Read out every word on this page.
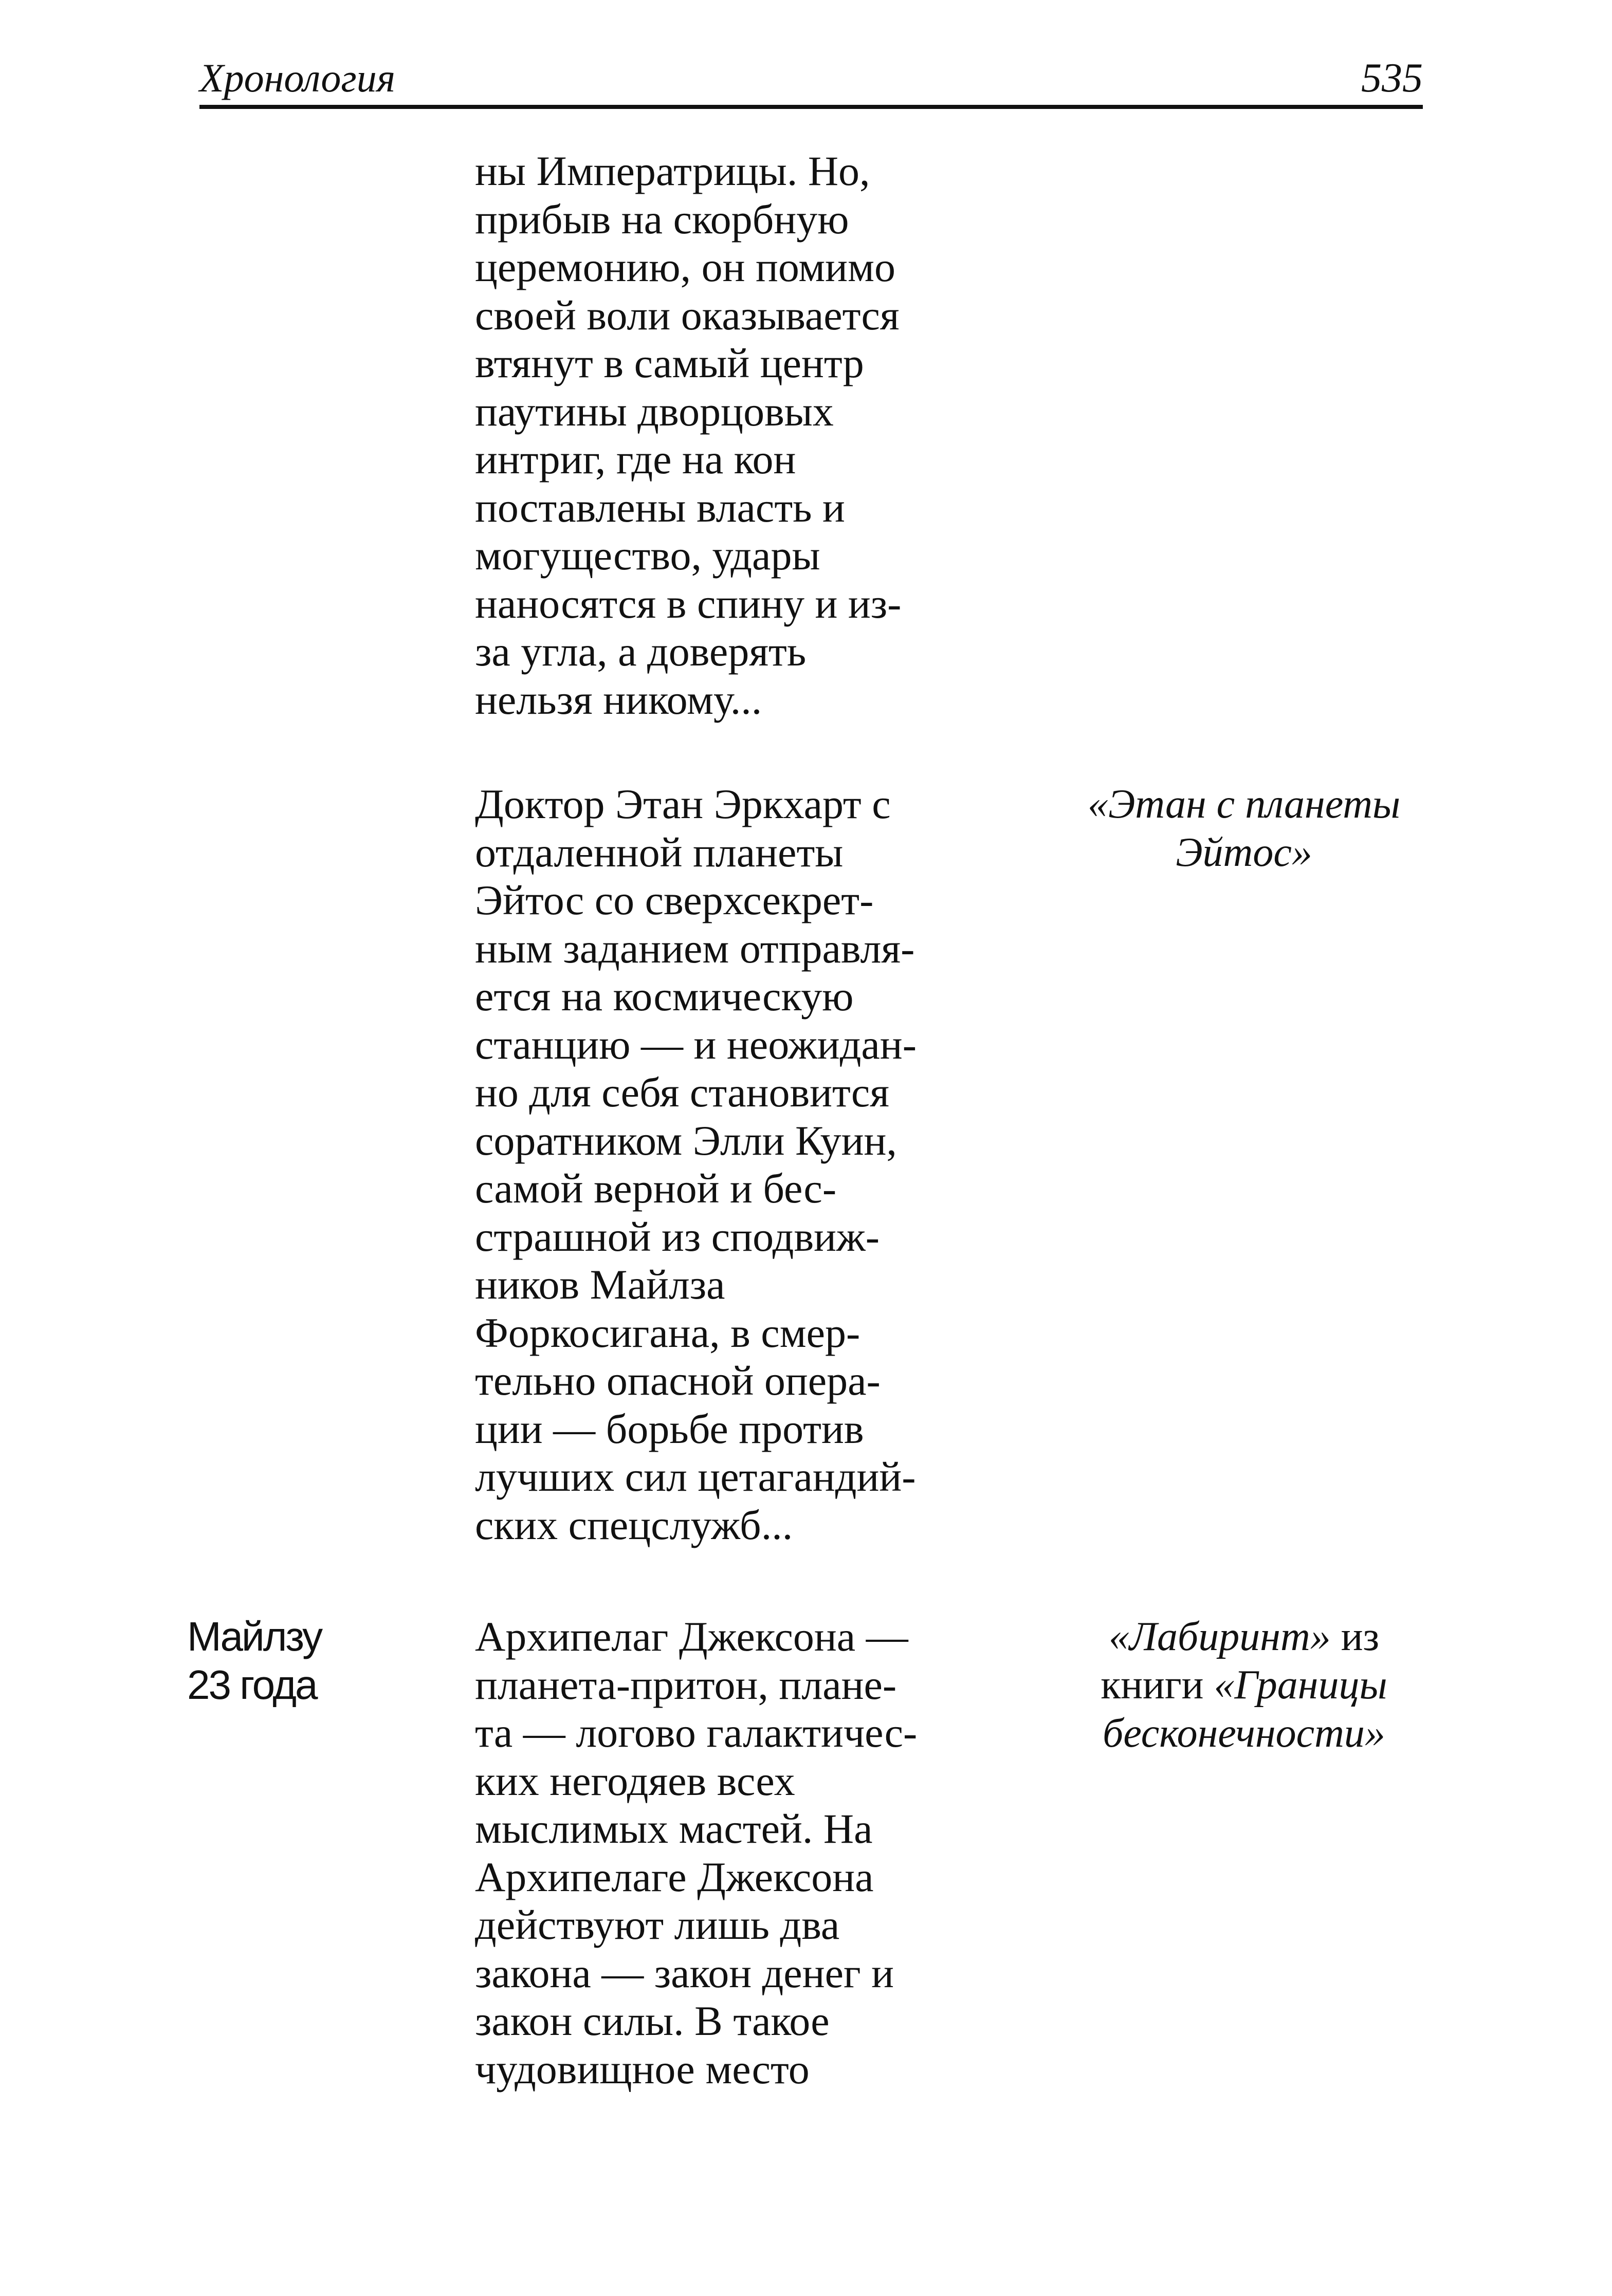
Хронология	535
ны Императрицы. Но,
прибыв на скорбную
церемонию, он помимо
своей воли оказывается
втянут в самый центр
паутины дворцовых
интриг, где на кон
поставлены власть и
могущество, удары
наносятся в спину и из-
за угла, а доверять
нельзя никому...
Доктор Этан Эркхарт с
отдаленной планеты
Эйтос со сверхсекрет-
ным заданием отправля-
ется на космическую
станцию — и неожидан-
но для себя становится
соратником Элли Куин,
самой верной и бес-
страшной из сподвиж-
ников Майлза
Форкосигана, в смер-
тельно опасной опера-
ции — борьбе против
лучших сил цетагандий-
ских спецслужб...
«Этан с планеты
Эйтос»
Майлзу
23 года
Архипелаг Джексона —
планета-притон, плане-
та — логово галактичес-
ких негодяев всех
мыслимых мастей. На
Архипелаге Джексона
действуют лишь два
закона — закон денег и
закон силы. В такое
чудовищное место
«Лабиринт» из
книги «Границы
бесконечности»
